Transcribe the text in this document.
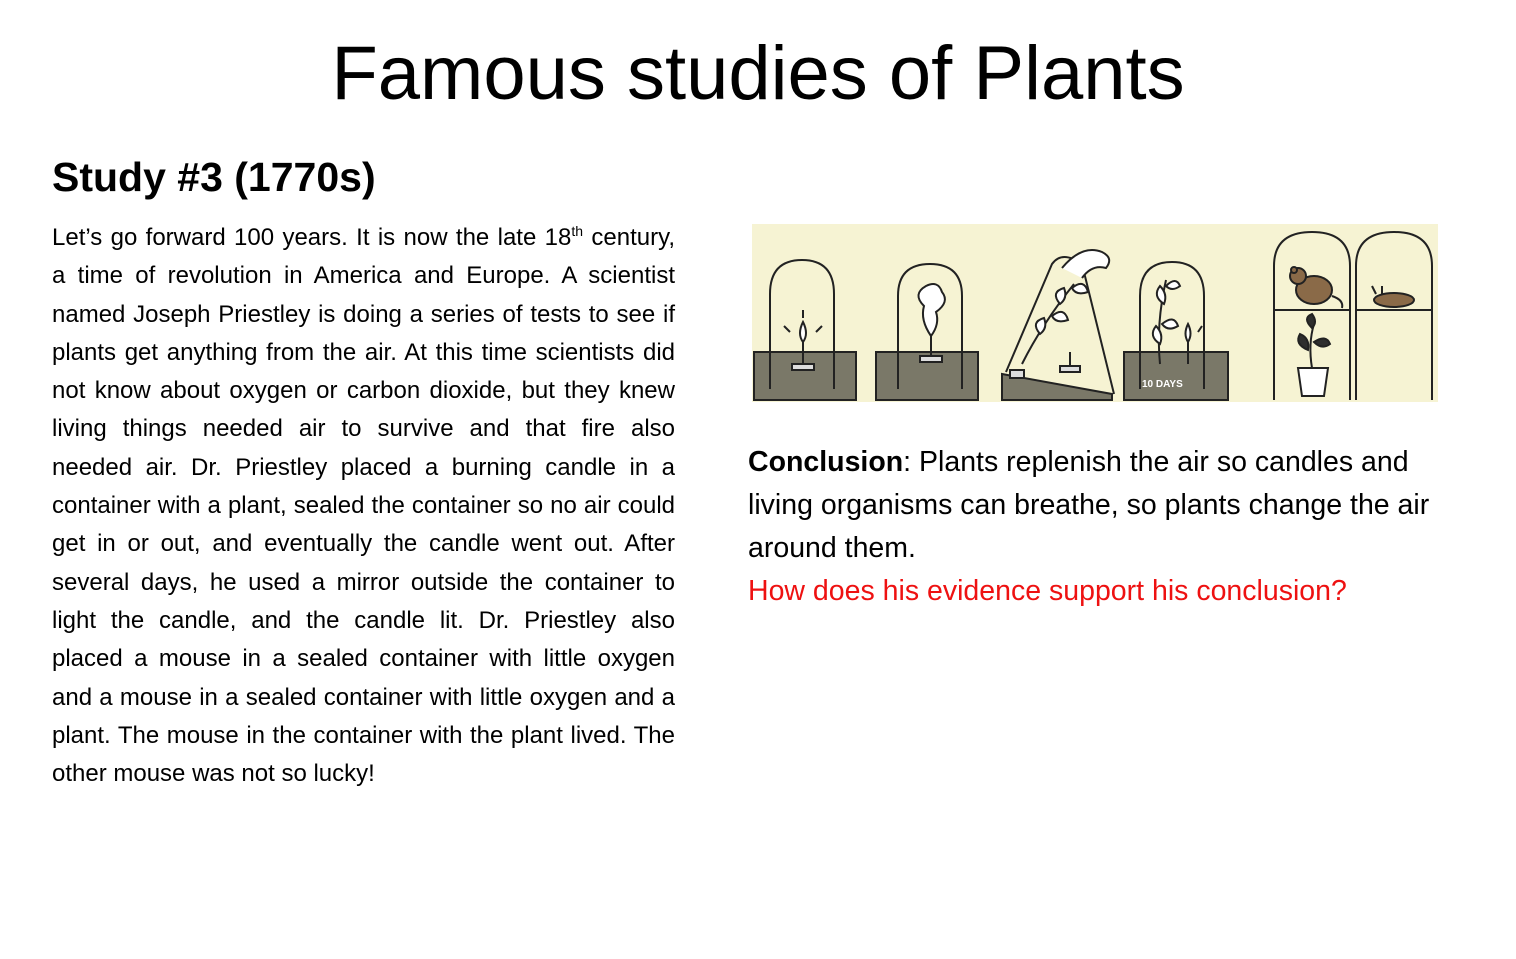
Famous studies of Plants
Study #3 (1770s)
Let’s go forward 100 years. It is now the late 18th century, a time of revolution in America and Europe. A scientist named Joseph Priestley is doing a series of tests to see if plants get anything from the air. At this time scientists did not know about oxygen or carbon dioxide, but they knew living things needed air to survive and that fire also needed air. Dr. Priestley placed a burning candle in a container with a plant, sealed the container so no air could get in or out, and eventually the candle went out. After several days, he used a mirror outside the container to light the candle, and the candle lit. Dr. Priestley also placed a mouse in a sealed container with little oxygen and a mouse in a sealed container with little oxygen and a plant. The mouse in the container with the plant lived. The other mouse was not so lucky!
10 DAYS
Conclusion: Plants replenish the air so candles and living organisms can breathe, so plants change the air around them.
How does his evidence support his conclusion?
